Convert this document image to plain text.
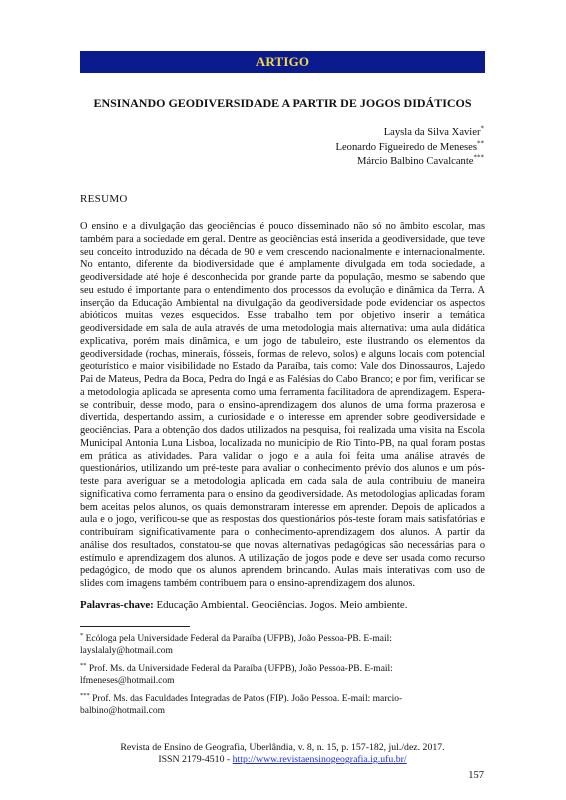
ARTIGO
ENSINANDO GEODIVERSIDADE A PARTIR DE JOGOS DIDÁTICOS
Laysla da Silva Xavier*
Leonardo Figueiredo de Meneses**
Márcio Balbino Cavalcante***
RESUMO
O ensino e a divulgação das geociências é pouco disseminado não só no âmbito escolar, mas também para a sociedade em geral. Dentre as geociências está inserida a geodiversidade, que teve seu conceito introduzido na década de 90 e vem crescendo nacionalmente e internacionalmente. No entanto, diferente da biodiversidade que é amplamente divulgada em toda sociedade, a geodiversidade até hoje é desconhecida por grande parte da população, mesmo se sabendo que seu estudo é importante para o entendimento dos processos da evolução e dinâmica da Terra. A inserção da Educação Ambiental na divulgação da geodiversidade pode evidenciar os aspectos abióticos muitas vezes esquecidos. Esse trabalho tem por objetivo inserir a temática geodiversidade em sala de aula através de uma metodologia mais alternativa: uma aula didática explicativa, porém mais dinâmica, e um jogo de tabuleiro, este ilustrando os elementos da geodiversidade (rochas, minerais, fósseis, formas de relevo, solos) e alguns locais com potencial geoturístico e maior visibilidade no Estado da Paraíba, tais como: Vale dos Dinossauros, Lajedo Pai de Mateus, Pedra da Boca, Pedra do Ingá e as Falésias do Cabo Branco; e por fim, verificar se a metodologia aplicada se apresenta como uma ferramenta facilitadora de aprendizagem. Espera-se contribuir, desse modo, para o ensino-aprendizagem dos alunos de uma forma prazerosa e divertida, despertando assim, a curiosidade e o interesse em aprender sobre geodiversidade e geociências. Para a obtenção dos dados utilizados na pesquisa, foi realizada uma visita na Escola Municipal Antonia Luna Lisboa, localizada no município de Rio Tinto-PB, na qual foram postas em prática as atividades. Para validar o jogo e a aula foi feita uma análise através de questionários, utilizando um pré-teste para avaliar o conhecimento prévio dos alunos e um pós-teste para averiguar se a metodologia aplicada em cada sala de aula contribuiu de maneira significativa como ferramenta para o ensino da geodiversidade. As metodologias aplicadas foram bem aceitas pelos alunos, os quais demonstraram interesse em aprender. Depois de aplicados a aula e o jogo, verificou-se que as respostas dos questionários pós-teste foram mais satisfatórias e contribuíram significativamente para o conhecimento-aprendizagem dos alunos. A partir da análise dos resultados, constatou-se que novas alternativas pedagógicas são necessárias para o estímulo e aprendizagem dos alunos. A utilização de jogos pode e deve ser usada como recurso pedagógico, de modo que os alunos aprendem brincando. Aulas mais interativas com uso de slides com imagens também contribuem para o ensino-aprendizagem dos alunos.
Palavras-chave: Educação Ambiental. Geociências. Jogos. Meio ambiente.
* Ecóloga pela Universidade Federal da Paraíba (UFPB), João Pessoa-PB. E-mail: layslalaly@hotmail.com
** Prof. Ms. da Universidade Federal da Paraíba (UFPB), João Pessoa-PB. E-mail: lfmeneses@hotmail.com
*** Prof. Ms. das Faculdades Integradas de Patos (FIP). João Pessoa. E-mail: marcio-balbino@hotmail.com
Revista de Ensino de Geografia, Uberlândia, v. 8, n. 15, p. 157-182, jul./dez. 2017.
ISSN 2179-4510 - http://www.revistaensinogeografia.ig.ufu.br/
157
